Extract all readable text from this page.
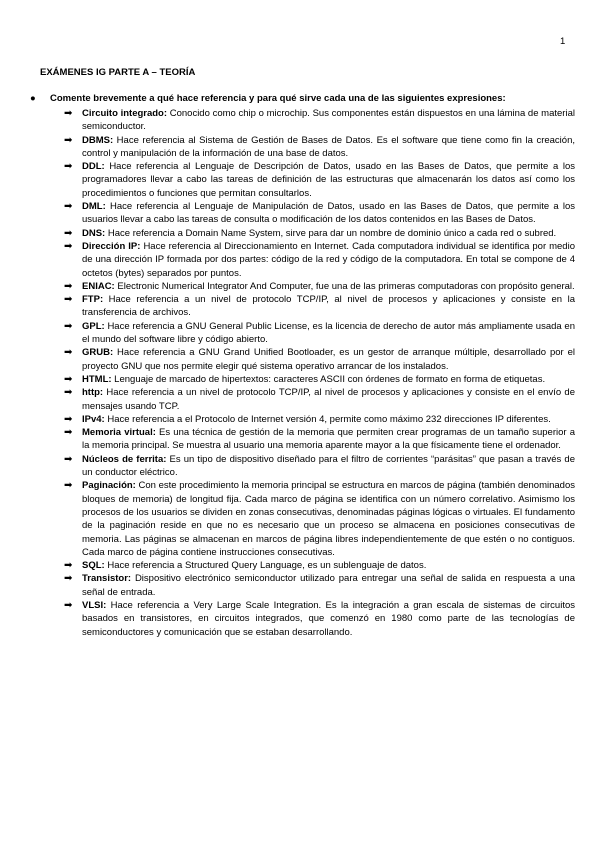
1
EXÁMENES IG PARTE A – TEORÍA
● Comente brevemente a qué hace referencia y para qué sirve cada una de las siguientes expresiones:
➡ Circuito integrado: Conocido como chip o microchip. Sus componentes están dispuestos en una lámina de material semiconductor.
➡ DBMS: Hace referencia al Sistema de Gestión de Bases de Datos. Es el software que tiene como fin la creación, control y manipulación de la información de una base de datos.
➡ DDL: Hace referencia al Lenguaje de Descripción de Datos, usado en las Bases de Datos, que permite a los programadores llevar a cabo las tareas de definición de las estructuras que almacenarán los datos así como los procedimientos o funciones que permitan consultarlos.
➡ DML: Hace referencia al Lenguaje de Manipulación de Datos, usado en las Bases de Datos, que permite a los usuarios llevar a cabo las tareas de consulta o modificación de los datos contenidos en las Bases de Datos.
➡ DNS: Hace referencia a Domain Name System, sirve para dar un nombre de dominio único a cada red o subred.
➡ Dirección IP: Hace referencia al Direccionamiento en Internet. Cada computadora individual se identifica por medio de una dirección IP formada por dos partes: código de la red y código de la computadora. En total se compone de 4 octetos (bytes) separados por puntos.
➡ ENIAC: Electronic Numerical Integrator And Computer, fue una de las primeras computadoras con propósito general.
➡ FTP: Hace referencia a un nivel de protocolo TCP/IP, al nivel de procesos y aplicaciones y consiste en la transferencia de archivos.
➡ GPL: Hace referencia a GNU General Public License, es la licencia de derecho de autor más ampliamente usada en el mundo del software libre y código abierto.
➡ GRUB: Hace referencia a GNU Grand Unified Bootloader, es un gestor de arranque múltiple, desarrollado por el proyecto GNU que nos permite elegir qué sistema operativo arrancar de los instalados.
➡ HTML: Lenguaje de marcado de hipertextos: caracteres ASCII con órdenes de formato en forma de etiquetas.
➡ http: Hace referencia a un nivel de protocolo TCP/IP, al nivel de procesos y aplicaciones y consiste en el envío de mensajes usando TCP.
➡ IPv4: Hace referencia a el Protocolo de Internet versión 4, permite como máximo 232 direcciones IP diferentes.
➡ Memoria virtual: Es una técnica de gestión de la memoria que permiten crear programas de un tamaño superior a la memoria principal. Se muestra al usuario una memoria aparente mayor a la que físicamente tiene el ordenador.
➡ Núcleos de ferrita: Es un tipo de dispositivo diseñado para el filtro de corrientes “parásitas” que pasan a través de un conductor eléctrico.
➡ Paginación: Con este procedimiento la memoria principal se estructura en marcos de página (también denominados bloques de memoria) de longitud fija. Cada marco de página se identifica con un número correlativo. Asimismo los procesos de los usuarios se dividen en zonas consecutivas, denominadas páginas lógicas o virtuales. El fundamento de la paginación reside en que no es necesario que un proceso se almacena en posiciones consecutivas de memoria. Las páginas se almacenan en marcos de página libres independientemente de que estén o no contiguos. Cada marco de página contiene instrucciones consecutivas.
➡ SQL: Hace referencia a Structured Query Language, es un sublenguaje de datos.
➡ Transistor: Dispositivo electrónico semiconductor utilizado para entregar una señal de salida en respuesta a una señal de entrada.
➡ VLSI: Hace referencia a Very Large Scale Integration. Es la integración a gran escala de sistemas de circuitos basados en transistores, en circuitos integrados, que comenzó en 1980 como parte de las tecnologías de semiconductores y comunicación que se estaban desarrollando.
